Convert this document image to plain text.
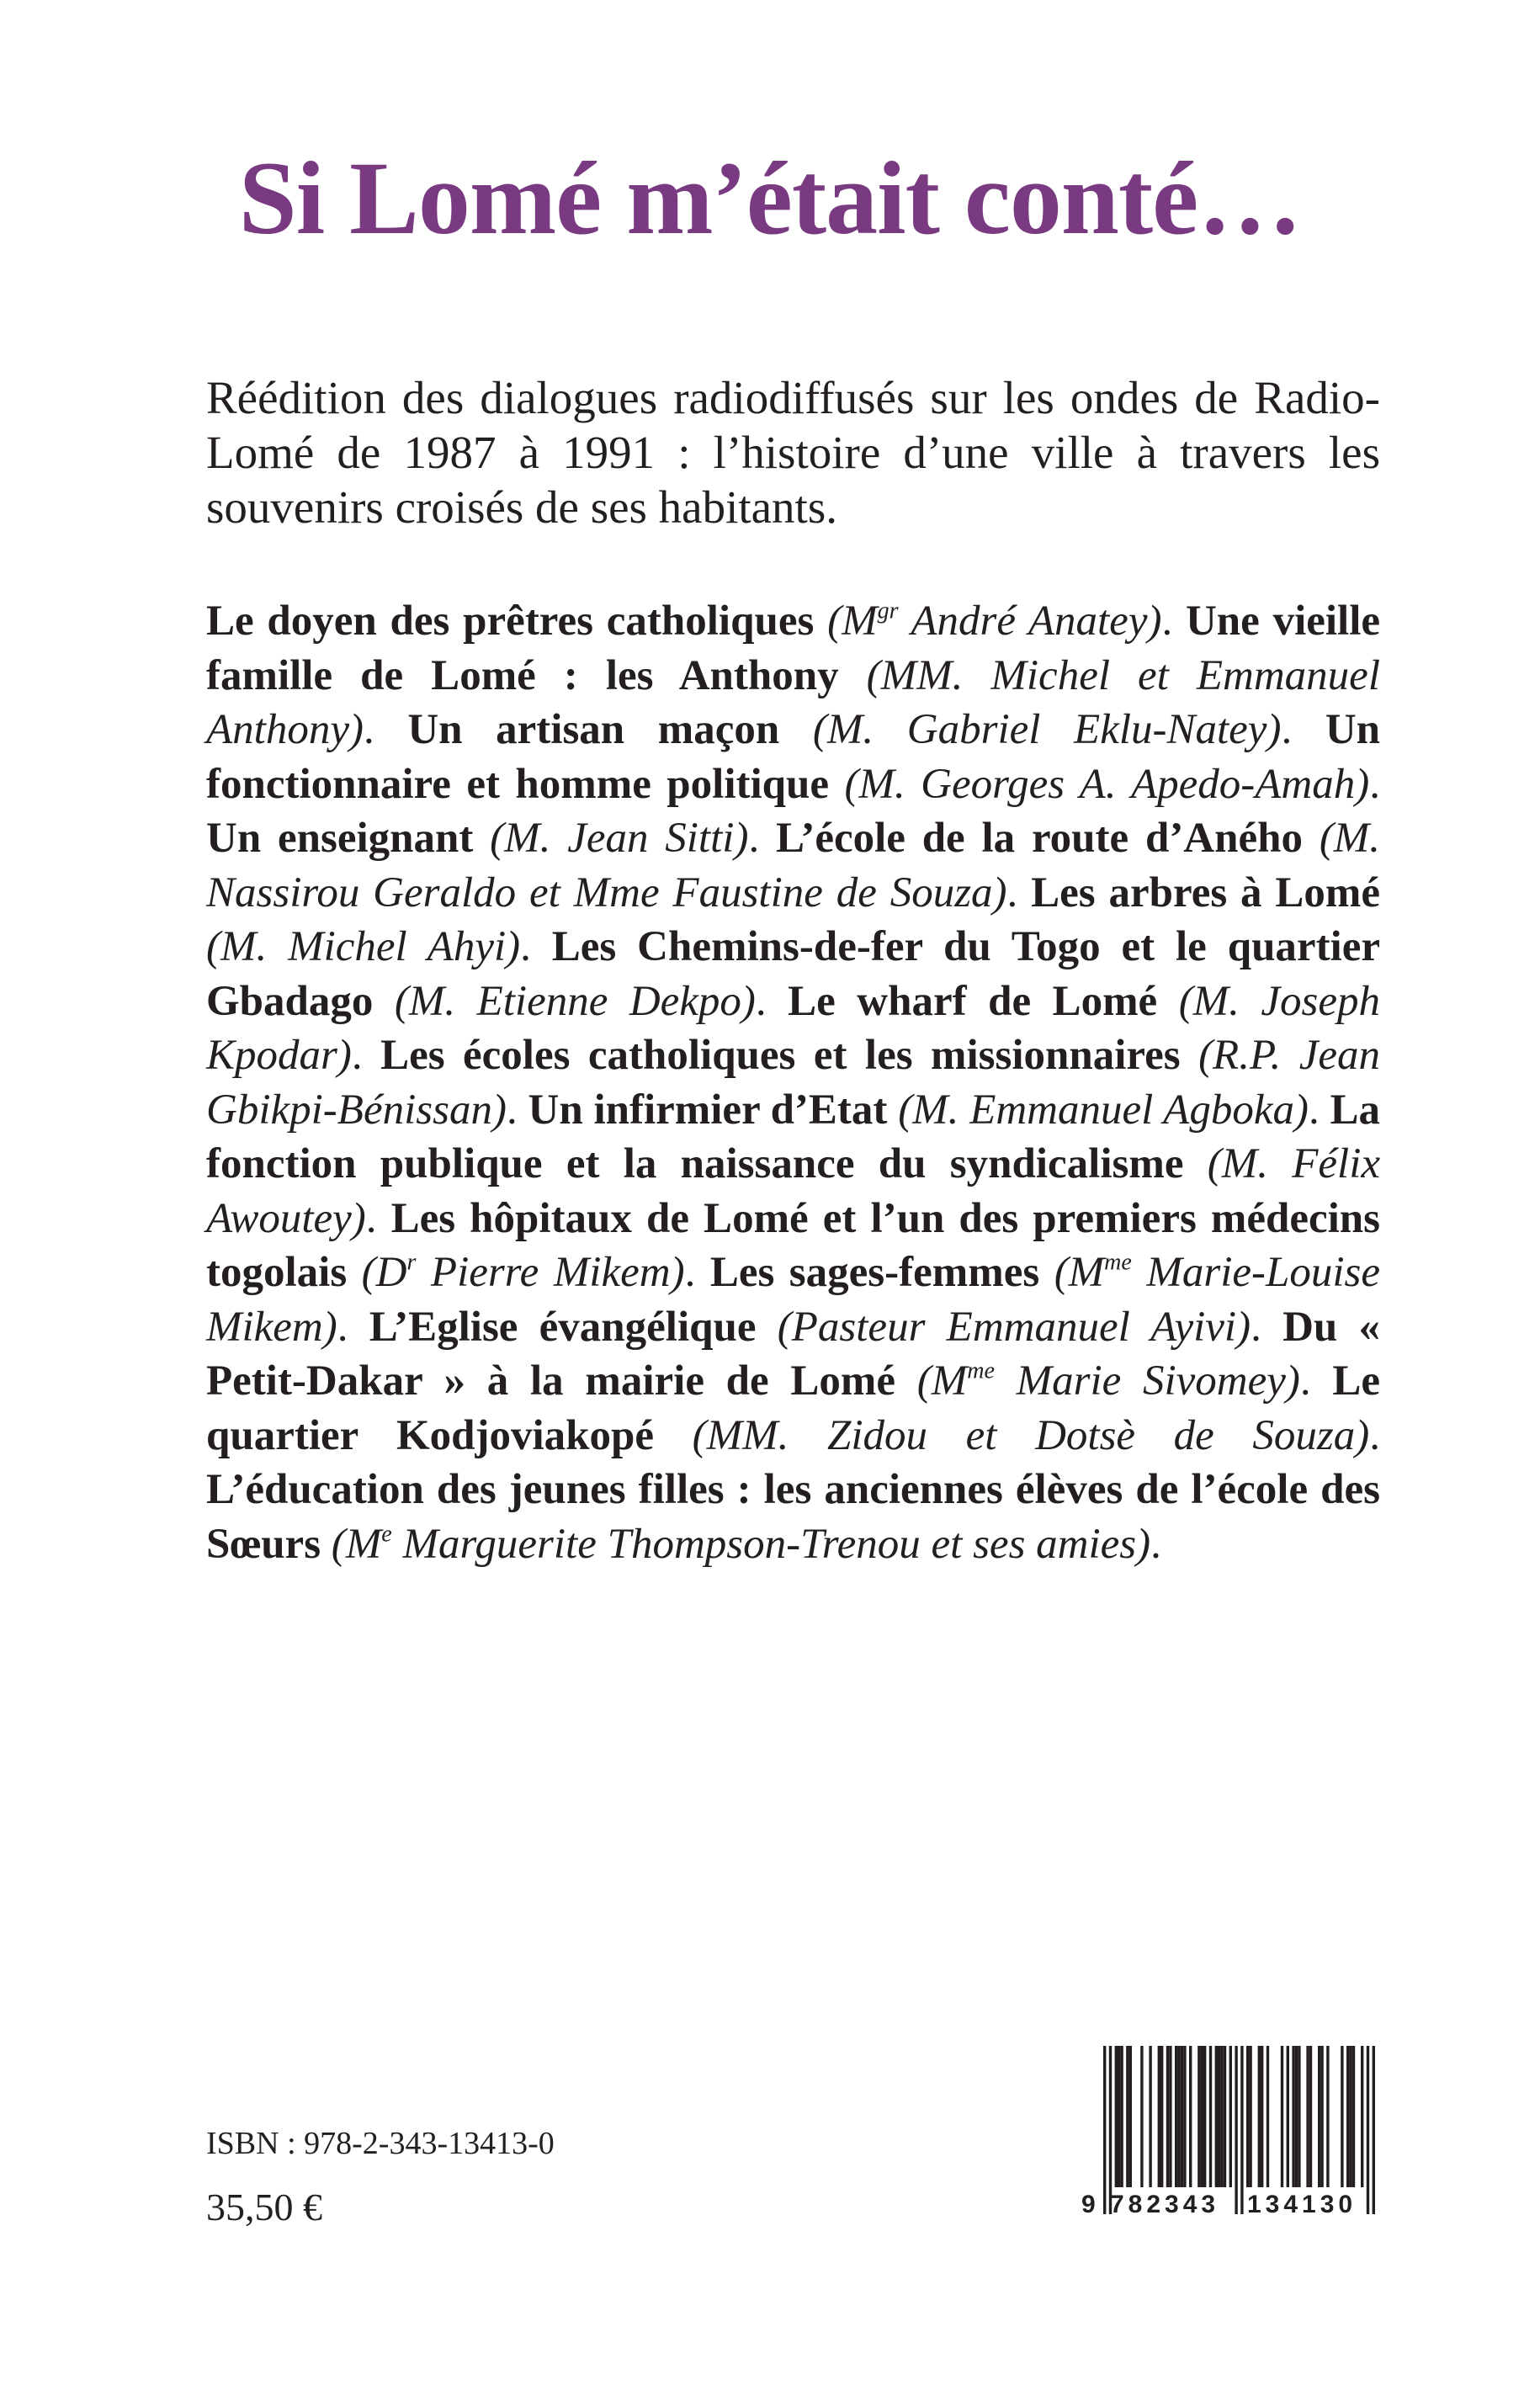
Si Lomé m’était conté…

Réédition des dialogues radiodiffusés sur les ondes de Radio-Lomé de 1987 à 1991 : l’histoire d’une ville à travers les souvenirs croisés de ses habitants.

Le doyen des prêtres catholiques ($M^{gr}$ André Anatey). Une vieille famille de Lomé : les Anthony (MM. Michel et Emmanuel Anthony). Un artisan maçon (M. Gabriel Eklu-Natey). Un fonctionnaire et homme politique (M. Georges A. Apedo-Amah). Un enseignant (M. Jean Sitti). L’école de la route d’Aného (M. Nassirou Geraldo et Mme Faustine de Souza). Les arbres à Lomé (M. Michel Ahyi). Les Chemins-de-fer du Togo et le quartier Gbadago (M. Etienne Dekpo). Le wharf de Lomé (M. Joseph Kpodar). Les écoles catholiques et les missionnaires (R.P. Jean Gbikpi-Bénissan). Un infirmier d’Etat (M. Emmanuel Agboka). La fonction publique et la naissance du syndicalisme (M. Félix Awoutey). Les hôpitaux de Lomé et l’un des premiers médecins togolais ($D^r$ Pierre Mikem). Les sages-femmes ($M^{me}$ Marie-Louise Mikem). L’Eglise évangélique (Pasteur Emmanuel Ayivi). Du « Petit-Dakar » à la mairie de Lomé ($M^{me}$ Marie Sivomey). Le quartier Kodjoviakopé (MM. Zidou et Dotsè de Souza). L’éducation des jeunes filles : les anciennes élèves de l’école des Sœurs (Me Marguerite Thompson-Trenou et ses amies).

ISBN : 978-2-343-13413-0
35,50 €	9 782343 134130
